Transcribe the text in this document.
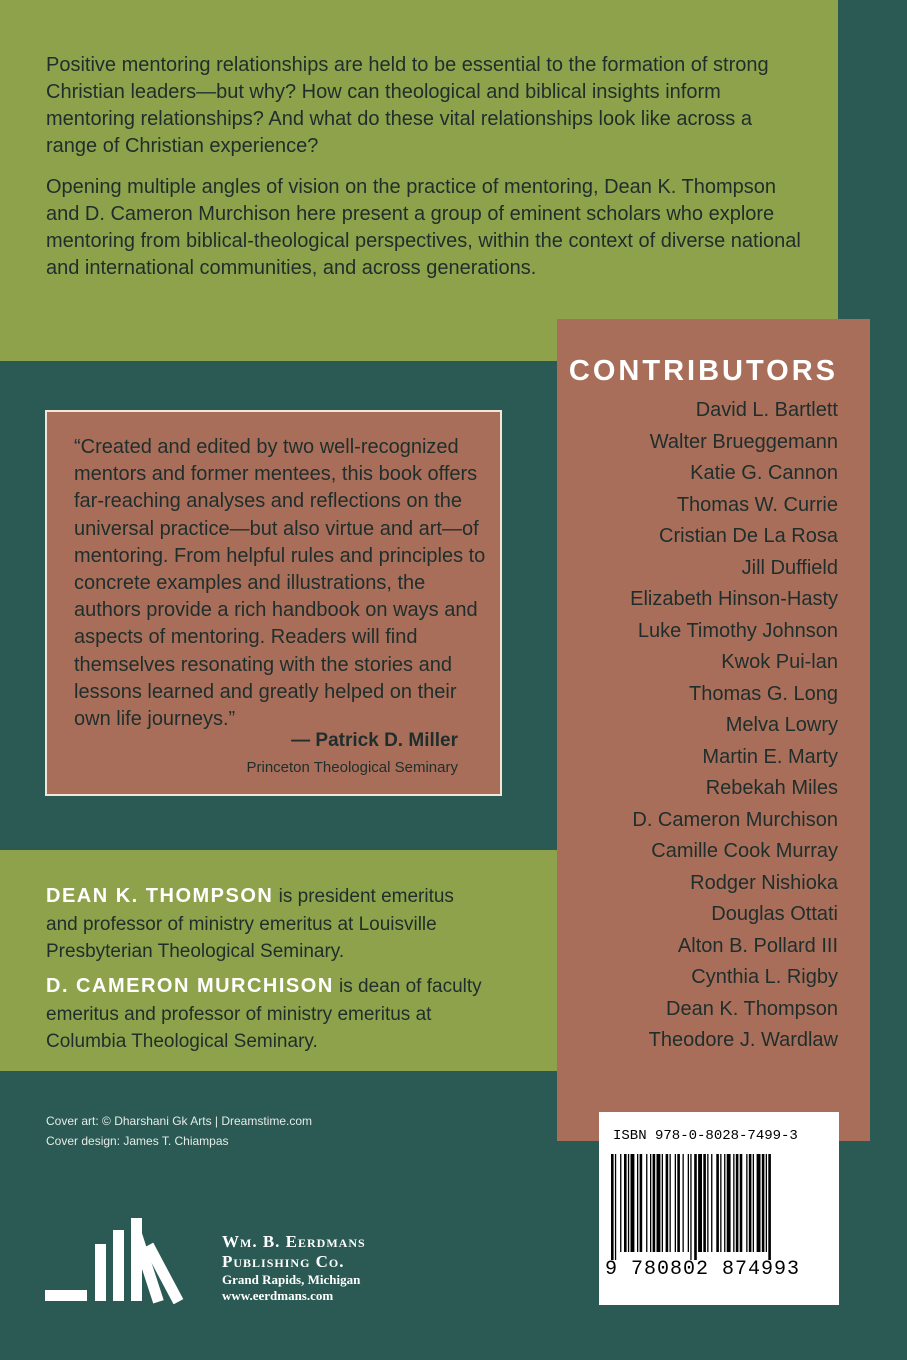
Positive mentoring relationships are held to be essential to the formation of strong Christian leaders—but why? How can theological and biblical insights inform mentoring relationships? And what do these vital relationships look like across a range of Christian experience?

Opening multiple angles of vision on the practice of mentoring, Dean K. Thompson and D. Cameron Murchison here present a group of eminent scholars who explore mentoring from biblical-theological perspectives, within the context of diverse national and international communities, and across generations.

CONTRIBUTORS
David L. Bartlett
Walter Brueggemann
Katie G. Cannon
Thomas W. Currie
Cristian De La Rosa
Jill Duffield
Elizabeth Hinson-Hasty
Luke Timothy Johnson
Kwok Pui-lan
Thomas G. Long
Melva Lowry
Martin E. Marty
Rebekah Miles
D. Cameron Murchison
Camille Cook Murray
Rodger Nishioka
Douglas Ottati
Alton B. Pollard III
Cynthia L. Rigby
Dean K. Thompson
Theodore J. Wardlaw

“Created and edited by two well-recognized mentors and former mentees, this book offers far-reaching analyses and reflections on the universal practice—but also virtue and art—of mentoring. From helpful rules and principles to concrete examples and illustrations, the authors provide a rich handbook on ways and aspects of mentoring. Readers will find themselves resonating with the stories and lessons learned and greatly helped on their own life journeys.”

— Patrick D. Miller

Princeton Theological Seminary

DEAN K. THOMPSON is president emeritus and professor of ministry emeritus at Louisville Presbyterian Theological Seminary.

D. CAMERON MURCHISON is dean of faculty emeritus and professor of ministry emeritus at Columbia Theological Seminary.

Cover art: © Dharshani Gk Arts | Dreamstime.com
Cover design: James T. Chiampas
Wm. B. Eerdmans
Publishing Co.
Grand Rapids, Michigan
www.eerdmans.com

ISBN 978-0-8028-7499-3

9 780802 874993
